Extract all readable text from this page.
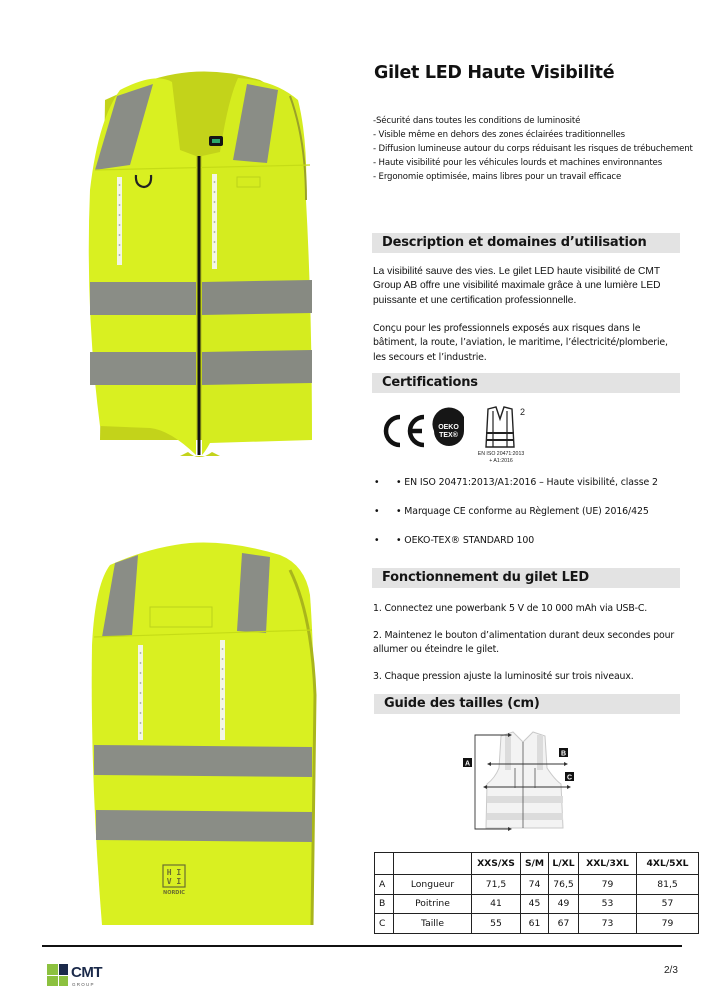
H I
V I
NORDIC
Gilet LED Haute Visibilité
-Sécurité dans toutes les conditions de luminosité
- Visible même en dehors des zones éclairées traditionnelles
- Diffusion lumineuse autour du corps réduisant les risques de trébuchement
- Haute visibilité pour les véhicules lourds et machines environnantes
- Ergonomie optimisée, mains libres pour un travail efficace
Description et domaines d’utilisation

La visibilité sauve des vies. Le gilet LED haute visibilité de CMT Group AB offre une visibilité maximale grâce à une lumière LED puissante et une certification professionnelle.

Conçu pour les professionnels exposés aux risques dans le bâtiment, la route, l’aviation, le maritime, l’électricité/plomberie, les secours et l’industrie.

Certifications
OEKO
TEX®
2
EN ISO 20471:2013
+ A1:2016
• • EN ISO 20471:2013/A1:2016 – Haute visibilité, classe 2
• • Marquage CE conforme au Règlement (UE) 2016/425
• • OEKO-TEX® STANDARD 100
Fonctionnement du gilet LED

1. Connectez une powerbank 5 V de 10 000 mAh via USB-C.

2. Maintenez le bouton d’alimentation durant deux secondes pour allumer ou éteindre le gilet.

3. Chaque pression ajuste la luminosité sur trois niveaux.

Guide des tailles (cm)
A
B
C
		XXS/XS	S/M	L/XL	XXL/3XL	4XL/5XL
A	Longueur	71,5	74	76,5	79	81,5
B	Poitrine	41	45	49	53	57
C	Taille	55	61	67	73	79
CMT
G R O U P
2/3
